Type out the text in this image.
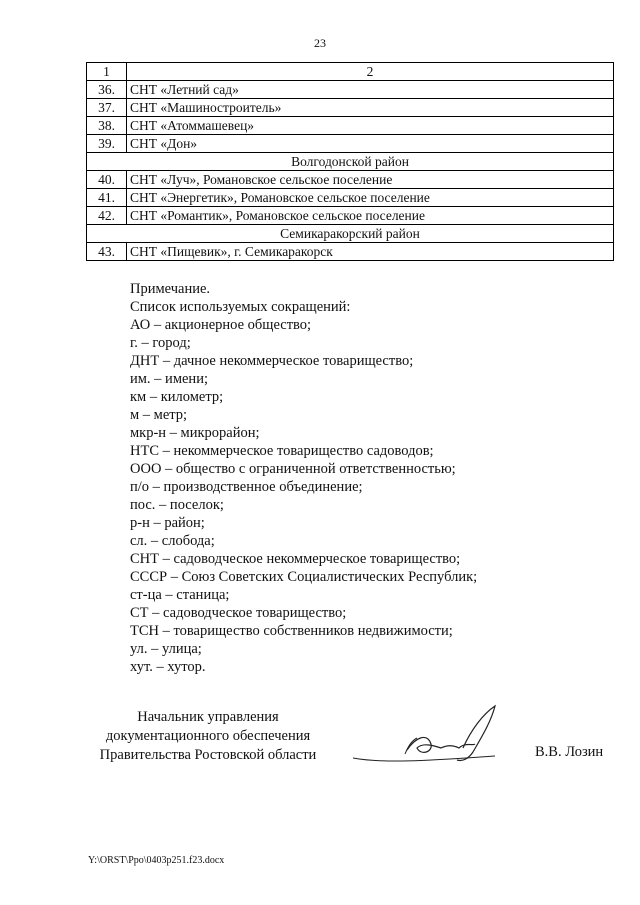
23
1	2
36.	СНТ «Летний сад»
37.	СНТ «Машиностроитель»
38.	СНТ «Атоммашевец»
39.	СНТ «Дон»
Волгодонской район	
40.	СНТ «Луч», Романовское сельское поселение
41.	СНТ «Энергетик», Романовское сельское поселение
42.	СНТ «Романтик», Романовское сельское поселение
Семикаракорский район	
43.	СНТ «Пищевик», г. Семикаракорск
Примечание.
Список используемых сокращений:
АО – акционерное общество;
г. – город;
ДНТ – дачное некоммерческое товарищество;
им. – имени;
км – километр;
м – метр;
мкр-н – микрорайон;
НТС – некоммерческое товарищество садоводов;
ООО – общество с ограниченной ответственностью;
п/о – производственное объединение;
пос. – поселок;
р-н – район;
сл. – слобода;
СНТ – садоводческое некоммерческое товарищество;
СССР – Союз Советских Социалистических Республик;
ст-ца – станица;
СТ – садоводческое товарищество;
ТСН – товарищество собственников недвижимости;
ул. – улица;
хут. – хутор.
Начальник управления
документационного обеспечения
Правительства Ростовской области	В.В. Лозин
Y:\ORST\Ppo\0403p251.f23.docx
